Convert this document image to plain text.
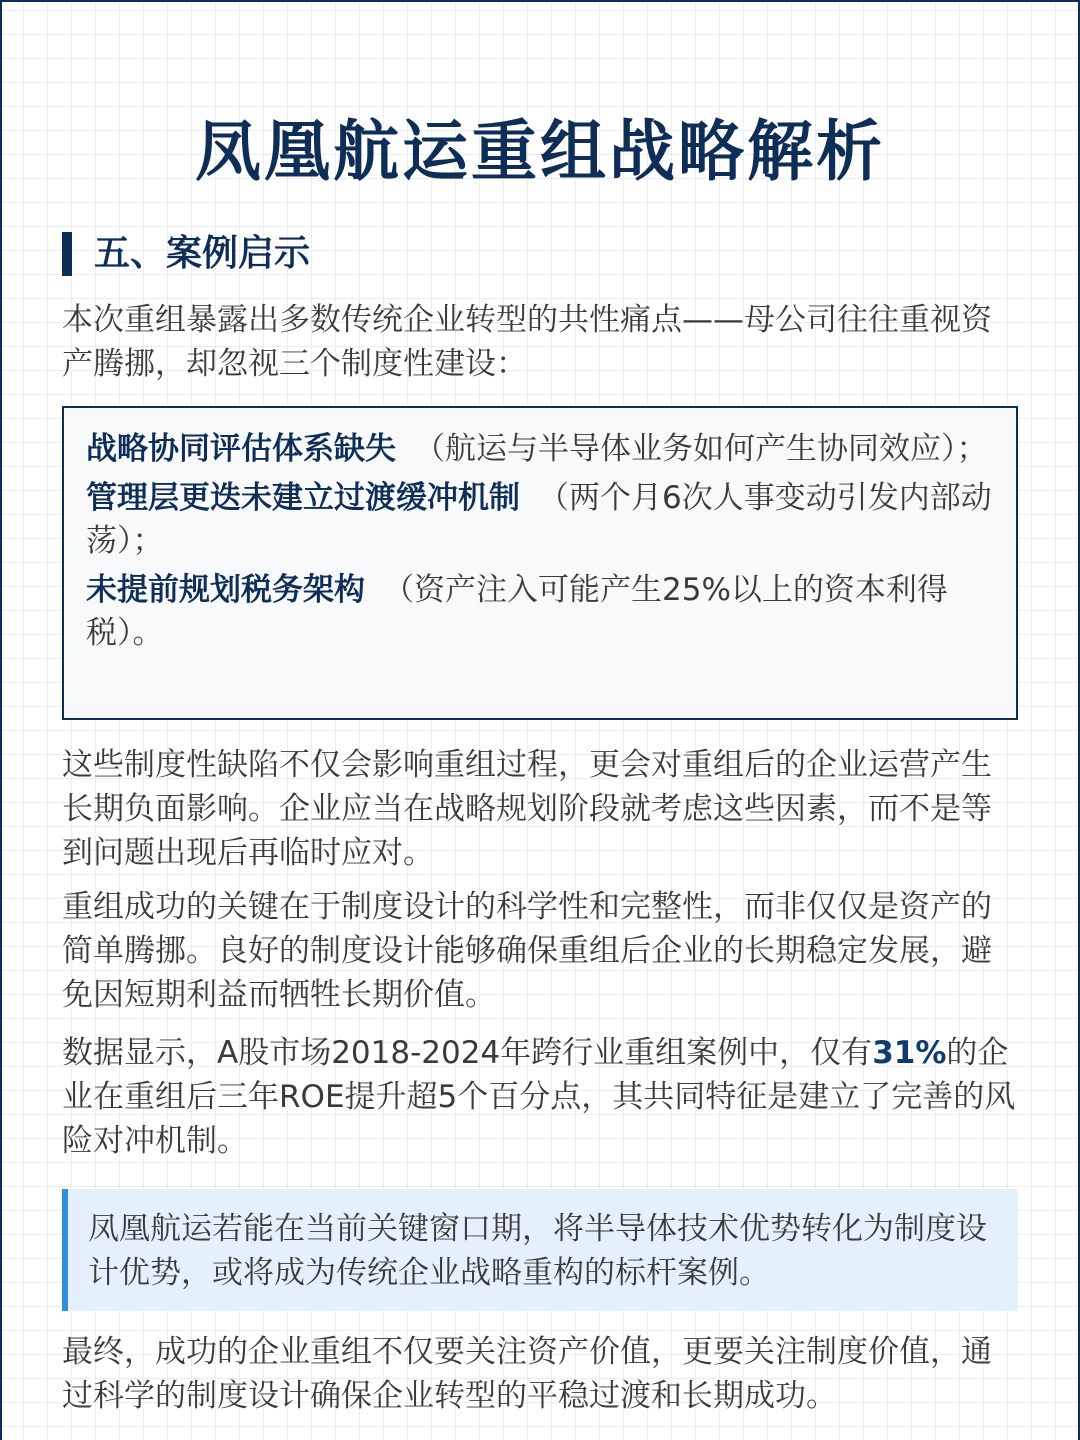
凤凰航运重组战略解析
五、案例启示

本次重组暴露出多数传统企业转型的共性痛点——母公司往往重视资产腾挪，却忽视三个制度性建设：

战略协同评估体系缺失 （航运与半导体业务如何产生协同效应）；

管理层更迭未建立过渡缓冲机制 （两个月6次人事变动引发内部动荡）；

未提前规划税务架构 （资产注入可能产生25%以上的资本利得税）。

这些制度性缺陷不仅会影响重组过程，更会对重组后的企业运营产生长期负面影响。企业应当在战略规划阶段就考虑这些因素，而不是等到问题出现后再临时应对。

重组成功的关键在于制度设计的科学性和完整性，而非仅仅是资产的简单腾挪。良好的制度设计能够确保重组后企业的长期稳定发展，避免因短期利益而牺牲长期价值。

数据显示，A股市场2018-2024年跨行业重组案例中，仅有31%的企业在重组后三年ROE提升超5个百分点，其共同特征是建立了完善的风险对冲机制。

凤凰航运若能在当前关键窗口期，将半导体技术优势转化为制度设计优势，或将成为传统企业战略重构的标杆案例。

最终，成功的企业重组不仅要关注资产价值，更要关注制度价值，通过科学的制度设计确保企业转型的平稳过渡和长期成功。
